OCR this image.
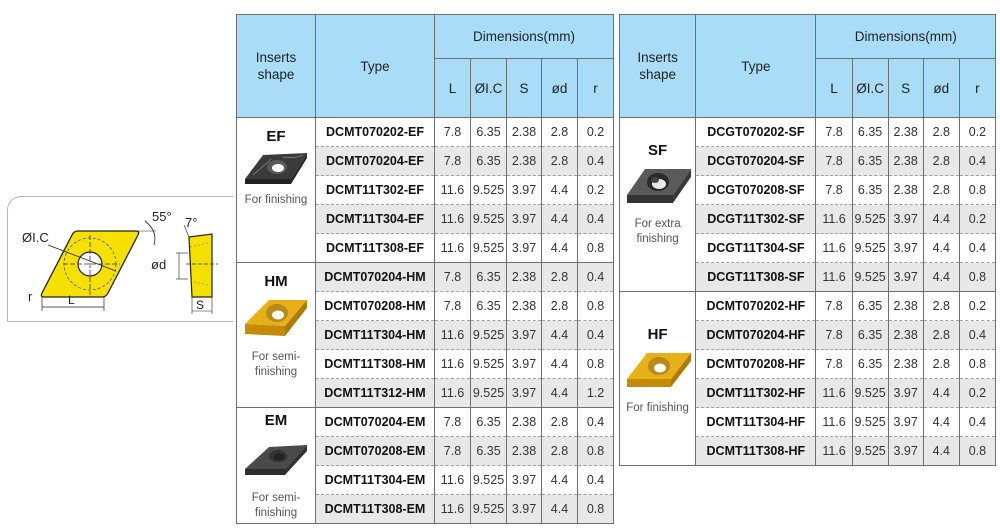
ØI.C
55° 7°
ød
r	L	S
Inserts shape	Type	Dimensions(mm)				
		L	ØI.C	S	ød	r

EF
For finishing	DCMT070202-EF	7.8	6.35	2.38	2.8	0.2
	DCMT070204-EF	7.8	6.35	2.38	2.8	0.4
	DCMT11T302-EF	11.6	9.525	3.97	4.4	0.2
	DCMT11T304-EF	11.6	9.525	3.97	4.4	0.4
	DCMT11T308-EF	11.6	9.525	3.97	4.4	0.8

HM
For semi-
finishing	DCMT070204-HM	7.8	6.35	2.38	2.8	0.4
	DCMT070208-HM	7.8	6.35	2.38	2.8	0.8
	DCMT11T304-HM	11.6	9.525	3.97	4.4	0.4
	DCMT11T308-HM	11.6	9.525	3.97	4.4	0.8
	DCMT11T312-HM	11.6	9.525	3.97	4.4	1.2

EM
For semi-
finishing	DCMT070204-EM	7.8	6.35	2.38	2.8	0.4
	DCMT070208-EM	7.8	6.35	2.38	2.8	0.8
	DCMT11T304-EM	11.6	9.525	3.97	4.4	0.4
	DCMT11T308-EM	11.6	9.525	3.97	4.4	0.8
Inserts shape	Type	Dimensions(mm)				
		L	ØI.C	S	ød	r

SF
For extra
finishing	DCGT070202-SF	7.8	6.35	2.38	2.8	0.2
	DCGT070204-SF	7.8	6.35	2.38	2.8	0.4
	DCGT070208-SF	7.8	6.35	2.38	2.8	0.8
	DCGT11T302-SF	11.6	9.525	3.97	4.4	0.2
	DCGT11T304-SF	11.6	9.525	3.97	4.4	0.4
	DCGT11T308-SF	11.6	9.525	3.97	4.4	0.8

HF
For finishing	DCMT070202-HF	7.8	6.35	2.38	2.8	0.2
	DCMT070204-HF	7.8	6.35	2.38	2.8	0.4
	DCMT070208-HF	7.8	6.35	2.38	2.8	0.8
	DCMT11T302-HF	11.6	9.525	3.97	4.4	0.2
	DCMT11T304-HF	11.6	9.525	3.97	4.4	0.4
	DCMT11T308-HF	11.6	9.525	3.97	4.4	0.8
